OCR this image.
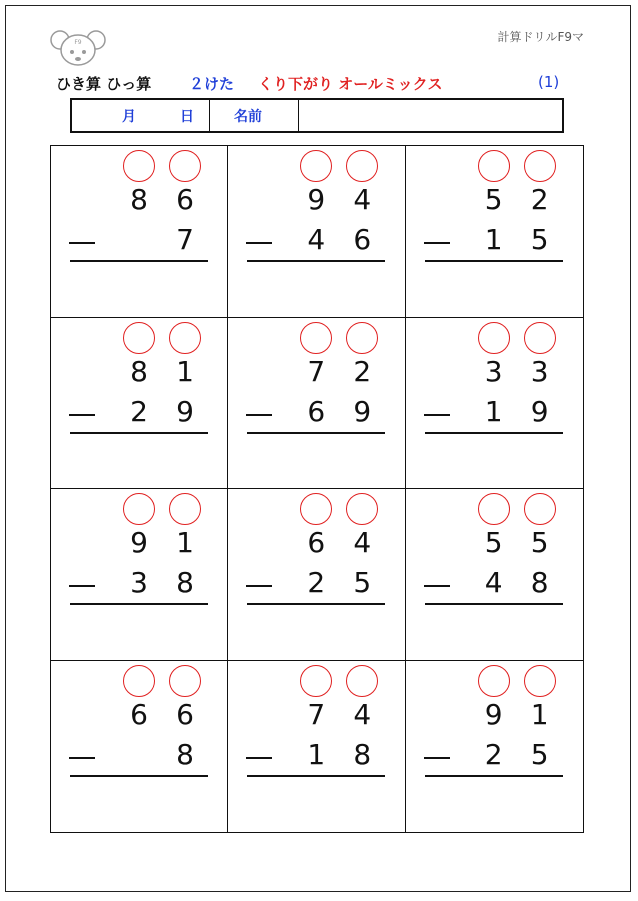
F9	計算ドリルF9マ
ひき算 ひっ算	２けた くり下がり オールミックス	(1)
月	日	名前
8 6
7
9 4
4 6
5 2
1 5
8 1
2 9
7 2
6 9
3 3
1 9
9 1
3 8
6 4
2 5
5 5
4 8
6 6
8
7 4
1 8
9 1
2 5
